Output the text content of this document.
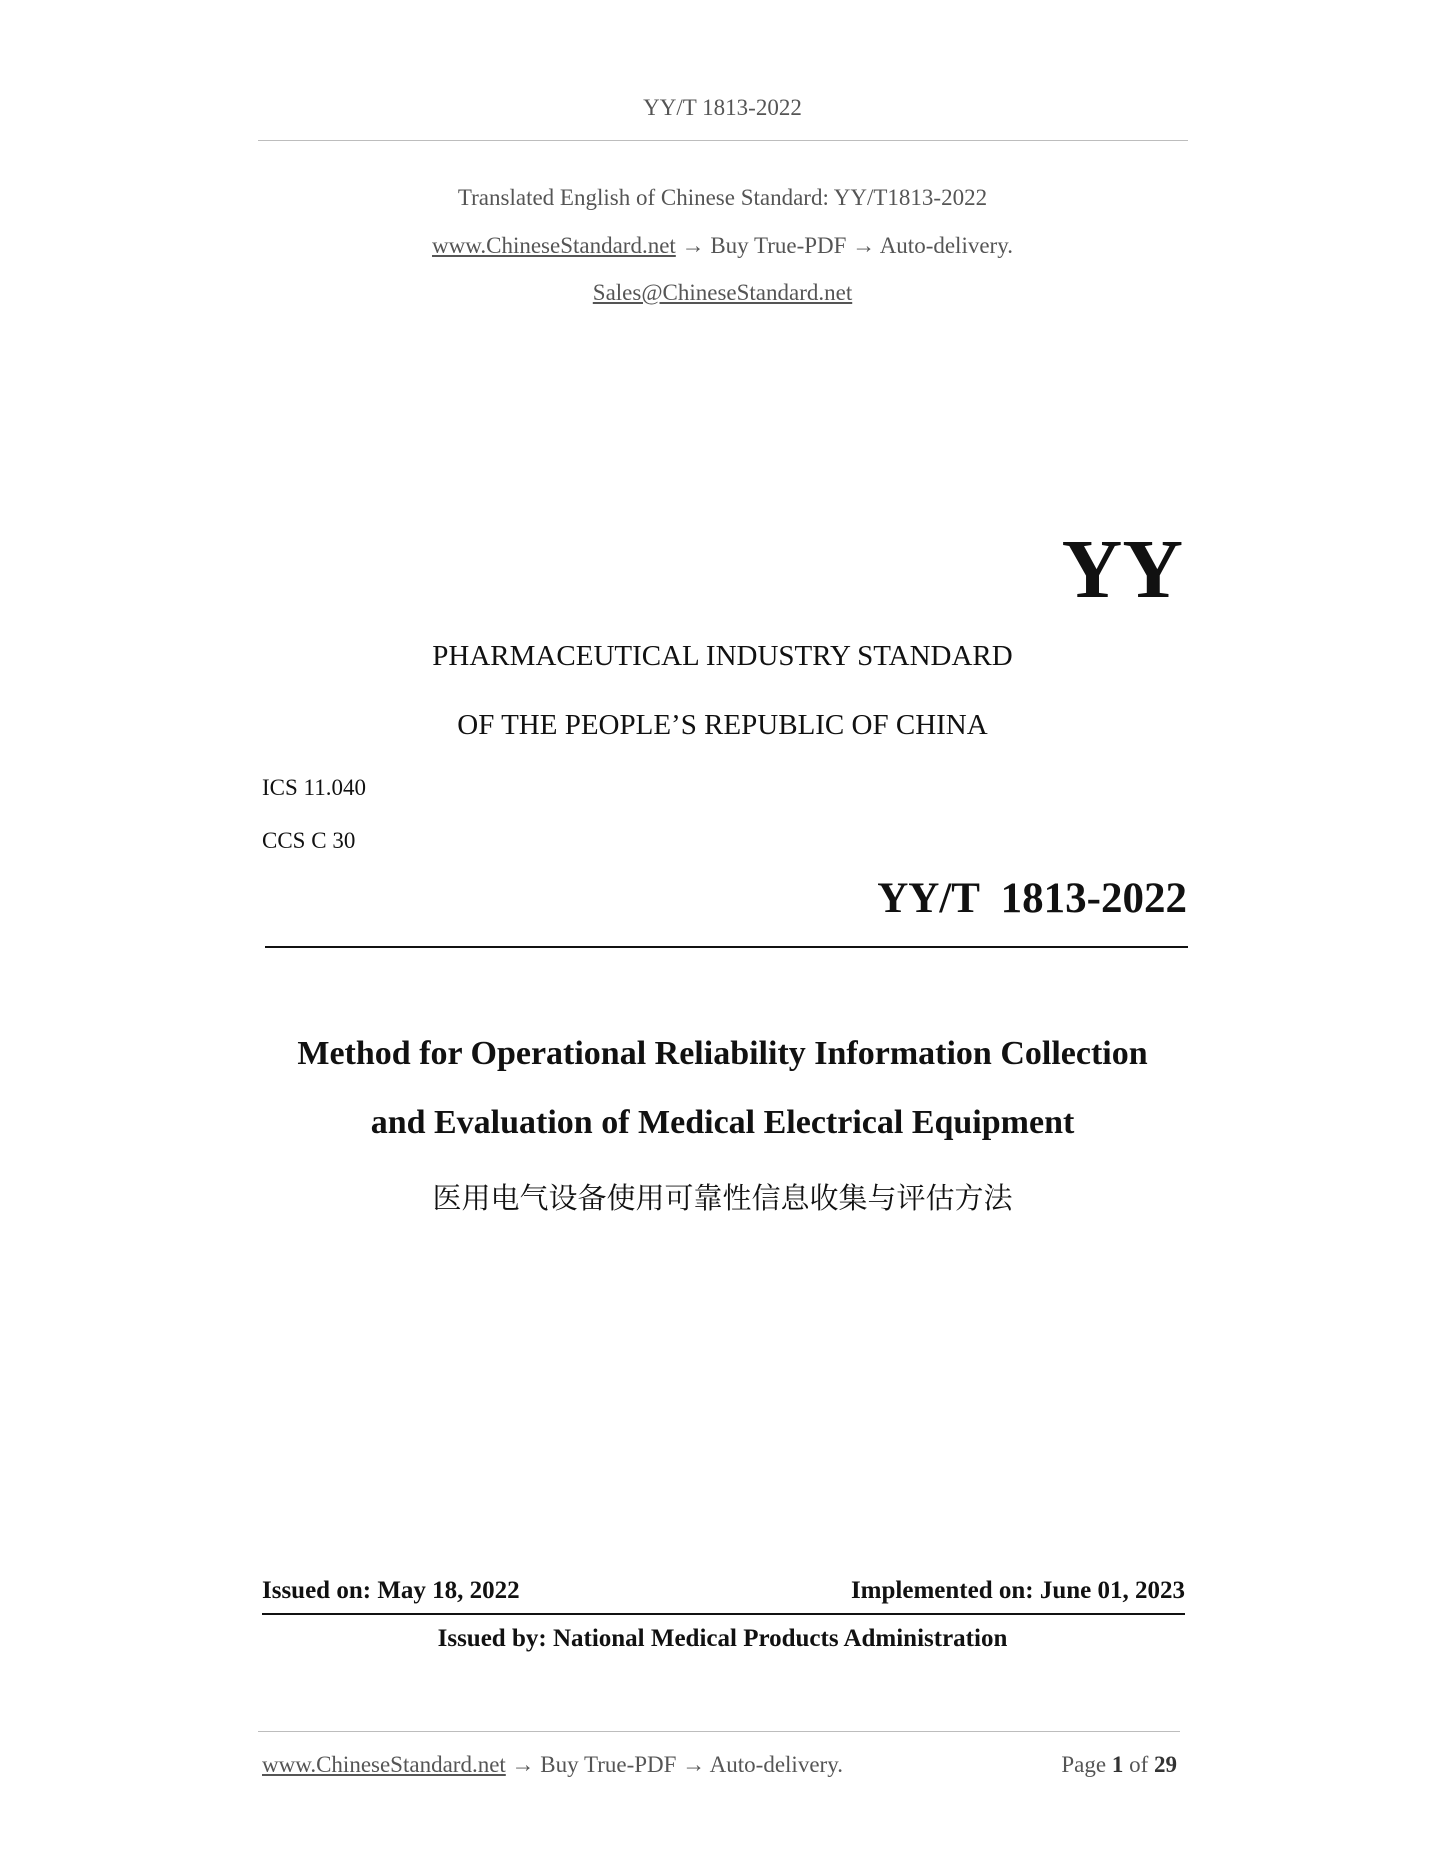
YY/T 1813-2022
Translated English of Chinese Standard: YY/T1813-2022
www.ChineseStandard.net → Buy True-PDF → Auto-delivery.
Sales@ChineseStandard.net
YY
PHARMACEUTICAL INDUSTRY STANDARD
OF THE PEOPLE’S REPUBLIC OF CHINA
ICS 11.040
CCS C 30
YY/T  1813-2022
Method for Operational Reliability Information Collection
and Evaluation of Medical Electrical Equipment
医用电气设备使用可靠性信息收集与评估方法
Issued on: May 18, 2022	Implemented on: June 01, 2023
Issued by: National Medical Products Administration
www.ChineseStandard.net → Buy True-PDF → Auto-delivery.	Page 1 of 29
